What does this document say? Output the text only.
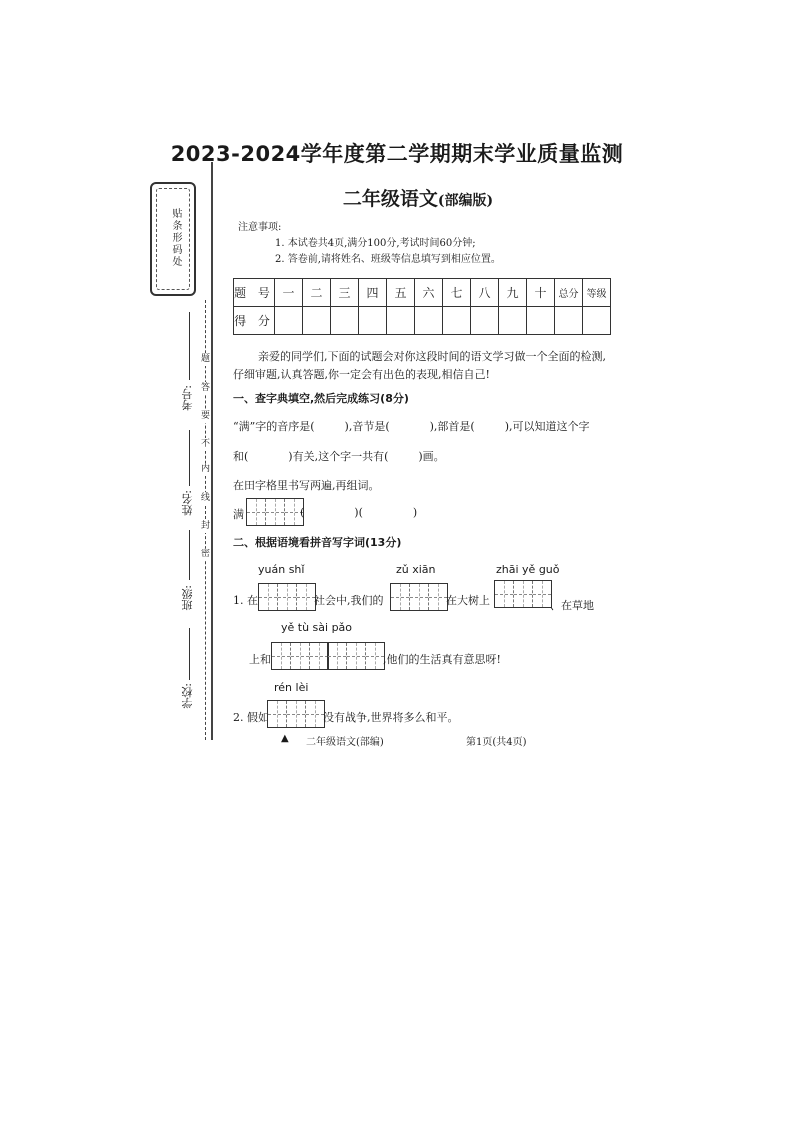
2023-2024学年度第二学期期末学业质量监测
二年级语文(部编版)
贴条形码处
题
答
要
不
内
线
封
密
考号:
姓名:
班级:
学校:
注意事项:
1. 本试卷共4页,满分100分,考试时间60分钟;
2. 答卷前,请将姓名、班级等信息填写到相应位置。
题 号	一	二	三	四	五	六	七	八	九	十	总分	等级
得 分												
亲爱的同学们,下面的试题会对你这段时间的语文学习做一个全面的检测,
仔细审题,认真答题,你一定会有出色的表现,相信自己!
一、查字典填空,然后完成练习(8分)
“满”字的音序是(	),音节是(	),部首是(	),可以知道这个字
和(	)有关,这个字一共有(	)画。
在田字格里书写两遍,再组词。
满	(	)(	)
二、根据语境看拼音写字词(13分)
yuán shǐ	zǔ xiān	zhāi yě guǒ
1. 在	社会中,我们的	在大树上	、在草地
yě tù sài pǎo
上和	,他们的生活真有意思呀!
rén lèi
2. 假如	没有战争,世界将多么和平。
▲ 二年级语文(部编)	第1页(共4页)
